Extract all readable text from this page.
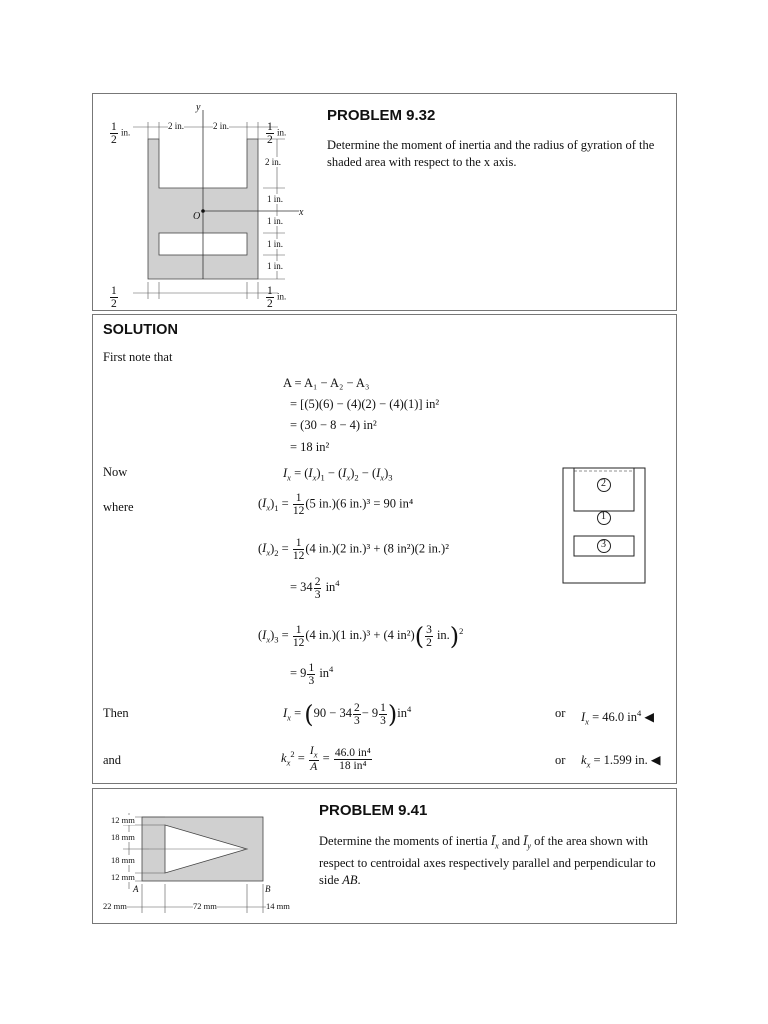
y
x
O
$\frac{1}{2}$ in.
2 in.	2 in.	$\frac{1}{2}$ in.
2 in.
1 in.
1 in.
1 in.
1 in.
$\frac{1}{2}$	$\frac{1}{2}$ in.
PROBLEM 9.32
Determine the moment of inertia and the radius of gyration of the shaded area with respect to the x axis.
SOLUTION
First note that
A = A₁ − A₂ − A₃
= [(5)(6) − (4)(2) − (4)(1)] in²
= (30 − 8 − 4) in²
= 18 in²
Now	$I_x = (I_x)_1 - (I_x)_2 - (I_x)_3$
where	$(I_x)_1 = \frac{1}{12} (5$ in.)(6 in.)³ = 90 in⁴
$(I_x)_2 = \frac{1}{12} (4$ in.)(2 in.)³ + (8 in²)(2 in.)²
= $34 \frac{2}{3} in^4$
$(I_x)_3 = \frac{1}{12} (4$ in.)(1 in.)³ + (4 $in^2)( \frac{3}{2} in.)^2$
= $9 \frac{1}{3} in^4$
Then	$I_x = (90 - 34 \frac{2}{3} - 9 \frac{1}{3} )in^4$	or $I_x = 46.0$ $in^4$ ◀
and	$k_x^2 = \frac{I_x}{A} = \frac{\text{46.0 in⁴}}{\text{18 in⁴}}$	or $k_x = 1.599$ in. ◀
2
1
3
12 mm
18 mm
18 mm
12 mm
A	B
22 mm	72 mm	14 mm
PROBLEM 9.41
Determine the moments of inertia $Ī_x$ and $Ī_y$ of the area shown with respect to centroidal axes respectively parallel and perpendicular to side AB.
